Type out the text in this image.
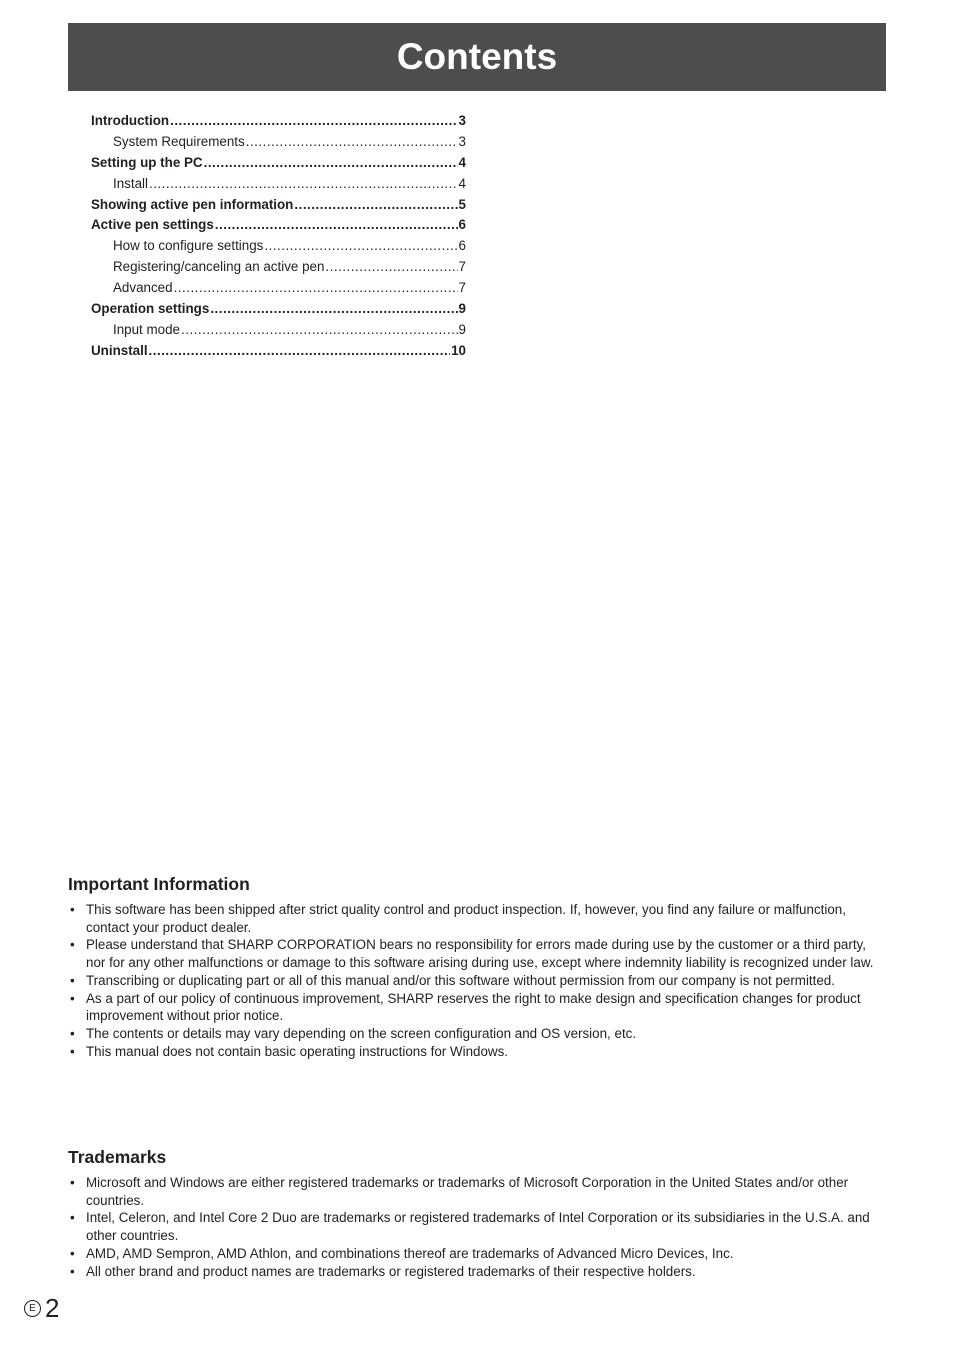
Contents
Introduction .....	3
System Requirements .....	3
Setting up the PC .....	4
Install .....	4
Showing active pen information .....	5
Active pen settings .....	6
How to configure settings .....	6
Registering/canceling an active pen .....	7
Advanced .....	7
Operation settings .....	9
Input mode .....	9
Uninstall .....	10
Important Information
• This software has been shipped after strict quality control and product inspection. If, however, you find any failure or malfunction, contact your product dealer.
• Please understand that SHARP CORPORATION bears no responsibility for errors made during use by the customer or a third party, nor for any other malfunctions or damage to this software arising during use, except where indemnity liability is recognized under law.
• Transcribing or duplicating part or all of this manual and/or this software without permission from our company is not permitted.
• As a part of our policy of continuous improvement, SHARP reserves the right to make design and specification changes for product improvement without prior notice.
• The contents or details may vary depending on the screen configuration and OS version, etc.
• This manual does not contain basic operating instructions for Windows.
Trademarks
• Microsoft and Windows are either registered trademarks or trademarks of Microsoft Corporation in the United States and/or other countries.
• Intel, Celeron, and Intel Core 2 Duo are trademarks or registered trademarks of Intel Corporation or its subsidiaries in the U.S.A. and other countries.
• AMD, AMD Sempron, AMD Athlon, and combinations thereof are trademarks of Advanced Micro Devices, Inc.
• All other brand and product names are trademarks or registered trademarks of their respective holders.
E 2
